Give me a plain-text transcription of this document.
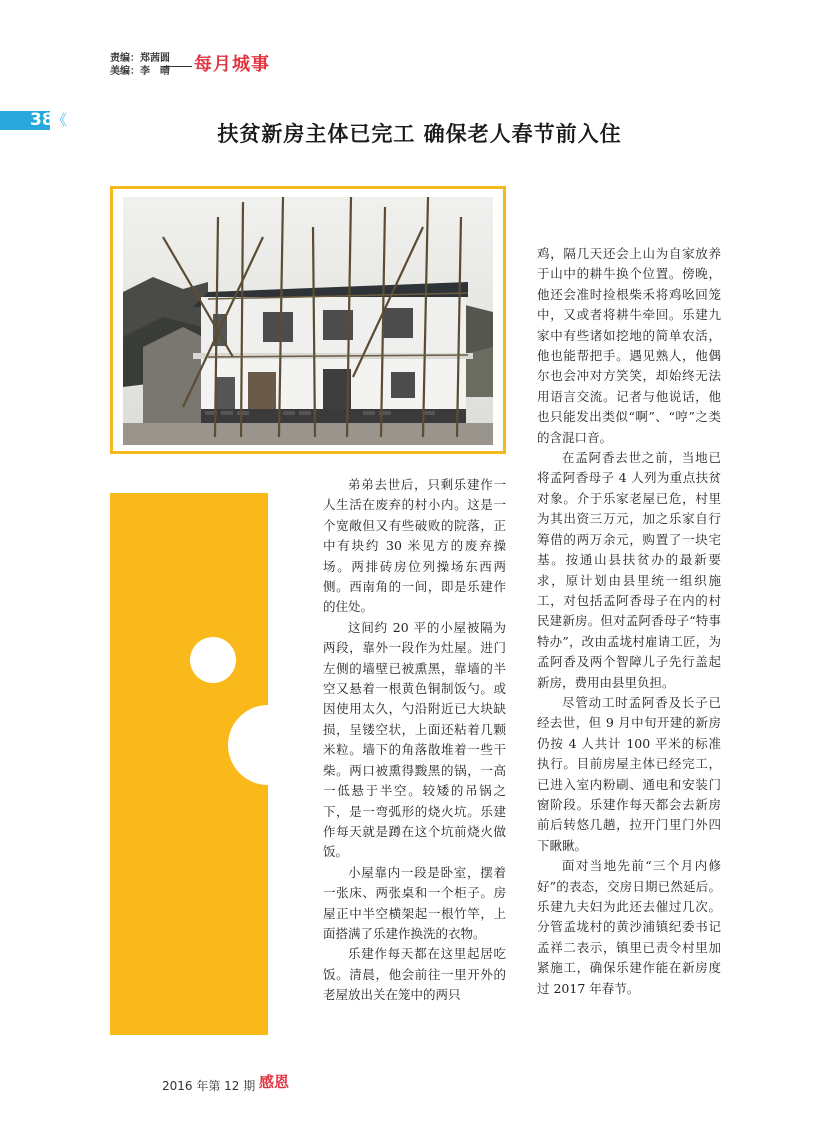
责编：郑茜圆
美编：李　晴 每月城事
38
《
扶贫新房主体已完工 确保老人春节前入住

弟弟去世后，只剩乐建作一人生活在废弃的村小内。这是一个宽敞但又有些破败的院落，正中有块约 30 米见方的废弃操场。两排砖房位列操场东西两侧。西南角的一间，即是乐建作的住处。

这间约 20 平的小屋被隔为两段，靠外一段作为灶屋。进门左侧的墙壁已被熏黑，靠墙的半空又悬着一根黄色铜制饭勺。或因使用太久，勺沿附近已大块缺损，呈镂空状，上面还粘着几颗米粒。墙下的角落散堆着一些干柴。两口被熏得黢黑的锅，一高一低悬于半空。较矮的吊锅之下，是一弯弧形的烧火坑。乐建作每天就是蹲在这个坑前烧火做饭。

小屋靠内一段是卧室，摆着一张床、两张桌和一个柜子。房屋正中半空横架起一根竹竿，上面搭满了乐建作换洗的衣物。

乐建作每天都在这里起居吃饭。清晨，他会前往一里开外的老屋放出关在笼中的两只

鸡，隔几天还会上山为自家放养于山中的耕牛换个位置。傍晚，他还会准时捡根柴禾将鸡吆回笼中，又或者将耕牛牵回。乐建九家中有些诸如挖地的简单农活，他也能帮把手。遇见熟人，他偶尔也会冲对方笑笑，却始终无法用语言交流。记者与他说话，他也只能发出类似“啊”、“哼”之类的含混口音。

在孟阿香去世之前，当地已将孟阿香母子 4 人列为重点扶贫对象。介于乐家老屋已危，村里为其出资三万元，加之乐家自行筹借的两万余元，购置了一块宅基。按通山县扶贫办的最新要求，原计划由县里统一组织施工，对包括孟阿香母子在内的村民建新房。但对孟阿香母子“特事特办”，改由孟垅村雇请工匠，为孟阿香及两个智障儿子先行盖起新房，费用由县里负担。

尽管动工时孟阿香及长子已经去世，但 9 月中旬开建的新房仍按 4 人共计 100 平米的标准执行。目前房屋主体已经完工，已进入室内粉刷、通电和安装门窗阶段。乐建作每天都会去新房前后转悠几趟，拉开门里门外四下瞅瞅。

面对当地先前“三个月内修好”的表态，交房日期已然延后。乐建九夫妇为此还去催过几次。分管孟垅村的黄沙浦镇纪委书记孟祥二表示，镇里已责令村里加紧施工，确保乐建作能在新房度过 2017 年春节。

2016 年第 12 期 感恩
